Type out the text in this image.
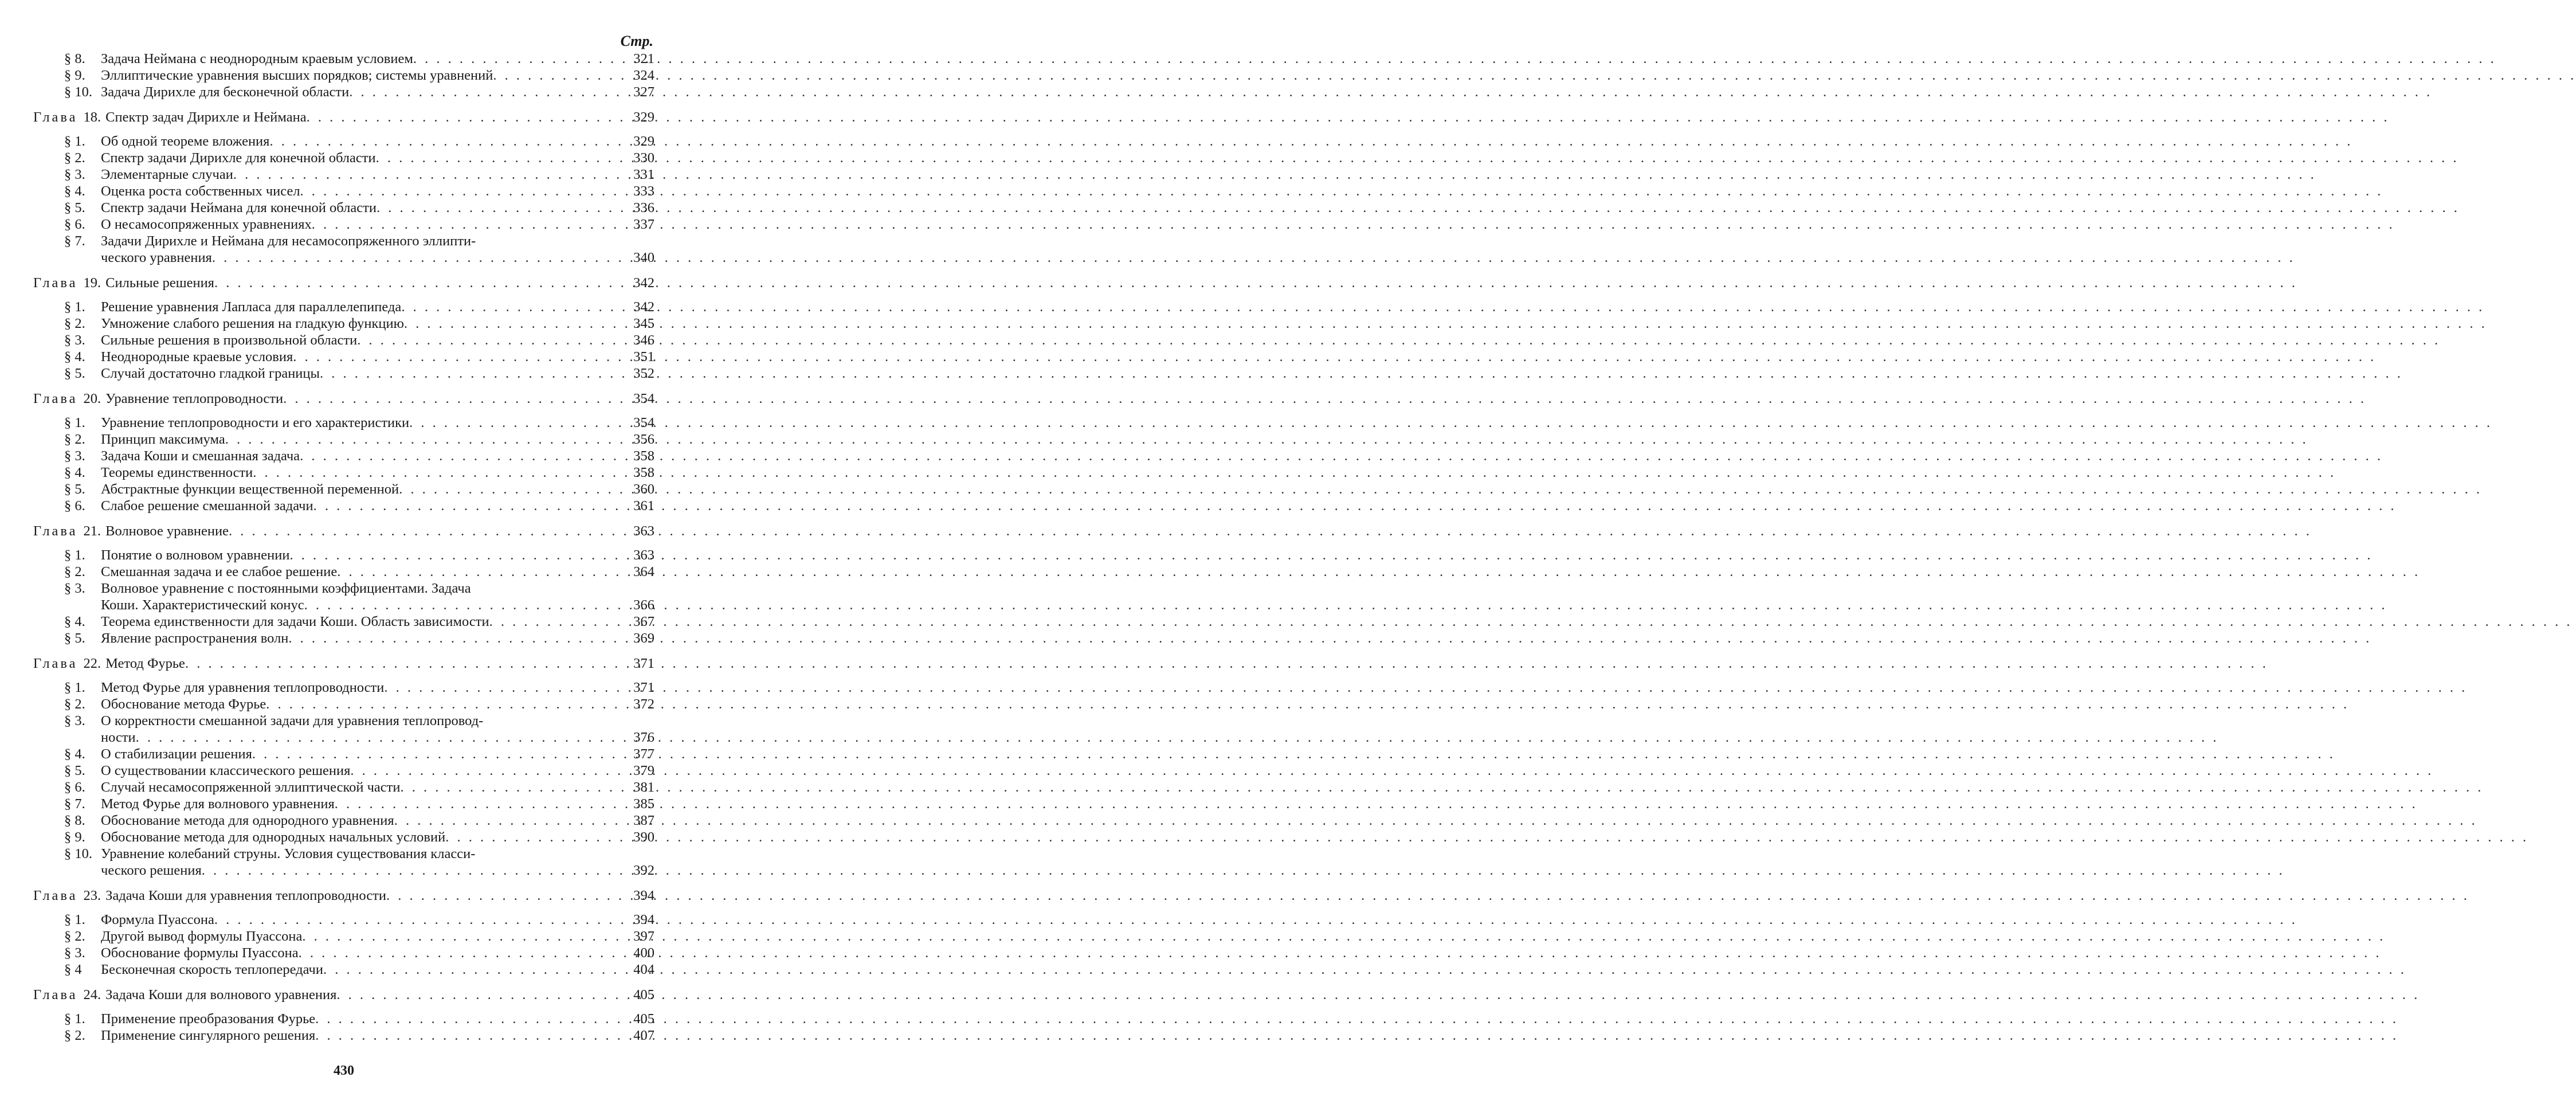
Стр.
§ 8.	Задача Неймана с неоднородным краевым условием . . .	321
§ 9.	Эллиптические уравнения высших порядков; системы уравнений . . .	324
§ 10. Задача Дирихле для бесконечной области . . .	327
Глава 18. Спектр задач Дирихле и Неймана . . .	329
§ 1.	Об одной теореме вложения . . .	329
§ 2.	Спектр задачи Дирихле для конечной области . . .	330
§ 3.	Элементарные случаи . . .	331
§ 4.	Оценка роста собственных чисел . . .	333
§ 5.	Спектр задачи Неймана для конечной области . . .	336
§ 6.	О несамосопряженных уравнениях . . .	337
§ 7.	Задачи Дирихле и Неймана для несамосопряженного эллипти-
ческого уравнения . . .	340
Глава 19. Сильные решения . . .	342
§ 1.	Решение уравнения Лапласа для параллелепипеда . . .	342
§ 2.	Умножение слабого решения на гладкую функцию . . .	345
§ 3.	Сильные решения в произвольной области . . .	346
§ 4.	Неоднородные краевые условия . . .	351
§ 5.	Случай достаточно гладкой границы . . .	352
Глава 20. Уравнение теплопроводности . . .	354
§ 1.	Уравнение теплопроводности и его характеристики . . .	354
§ 2.	Принцип максимума . . .	356
§ 3.	Задача Коши и смешанная задача . . .	358
§ 4.	Теоремы единственности . . .	358
§ 5.	Абстрактные функции вещественной переменной . . .	360
§ 6.	Слабое решение смешанной задачи . . .	361
Глава 21. Волновое уравнение . . .	363
§ 1.	Понятие о волновом уравнении . . .	363
§ 2.	Смешанная задача и ее слабое решение . . .	364
§ 3.	Волновое уравнение с постоянными коэффициентами. Задача
Коши. Характеристический конус . . .	366
§ 4.	Теорема единственности для задачи Коши. Область зависимости . . .	367
§ 5.	Явление распространения волн . . .	369
Глава 22. Метод Фурье . . .	371
§ 1.	Метод Фурье для уравнения теплопроводности . . .	371
§ 2.	Обоснование метода Фурье . . .	372
§ 3.	О корректности смешанной задачи для уравнения теплопровод-
ности . . .	376
§ 4.	О стабилизации решения . . .	377
§ 5.	О существовании классического решения . . .	379
§ 6.	Случай несамосопряженной эллиптической части . . .	381
§ 7.	Метод Фурье для волнового уравнения . . .	385
§ 8.	Обоснование метода для однородного уравнения . . .	387
§ 9.	Обоснование метода для однородных начальных условий . . .	390
§ 10. Уравнение колебаний струны. Условия существования класси-
ческого решения . . .	392
Глава 23. Задача Коши для уравнения теплопроводности . . .	394
§ 1.	Формула Пуассона . . .	394
§ 2.	Другой вывод формулы Пуассона . . .	397
§ 3.	Обоснование формулы Пуассона . . .	400
§ 4	Бесконечная скорость теплопередачи . . .	404
Глава 24. Задача Коши для волнового уравнения . . .	405
§ 1.	Применение преобразования Фурье . . .	405
§ 2.	Применение сингулярного решения . . .	407
430
